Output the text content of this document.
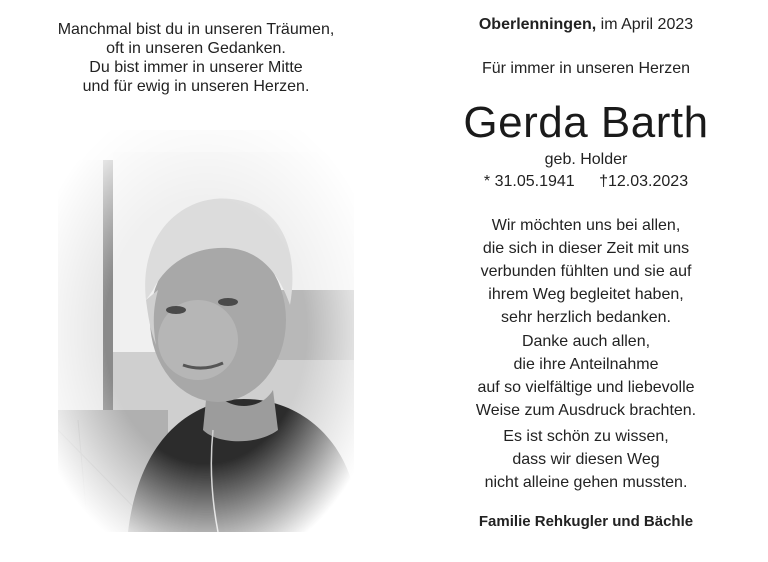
Manchmal bist du in unseren Träumen,
oft in unseren Gedanken.
Du bist immer in unserer Mitte
und für ewig in unseren Herzen.
Oberlenningen, im April 2023
Für immer in unseren Herzen
Gerda Barth
geb. Holder
* 31.05.1941 †12.03.2023
Wir möchten uns bei allen,
die sich in dieser Zeit mit uns
verbunden fühlten und sie auf
ihrem Weg begleitet haben,
sehr herzlich bedanken.
Danke auch allen,
die ihre Anteilnahme
auf so vielfältige und liebevolle
Weise zum Ausdruck brachten.
Es ist schön zu wissen,
dass wir diesen Weg
nicht alleine gehen mussten.
Familie Rehkugler und Bächle
